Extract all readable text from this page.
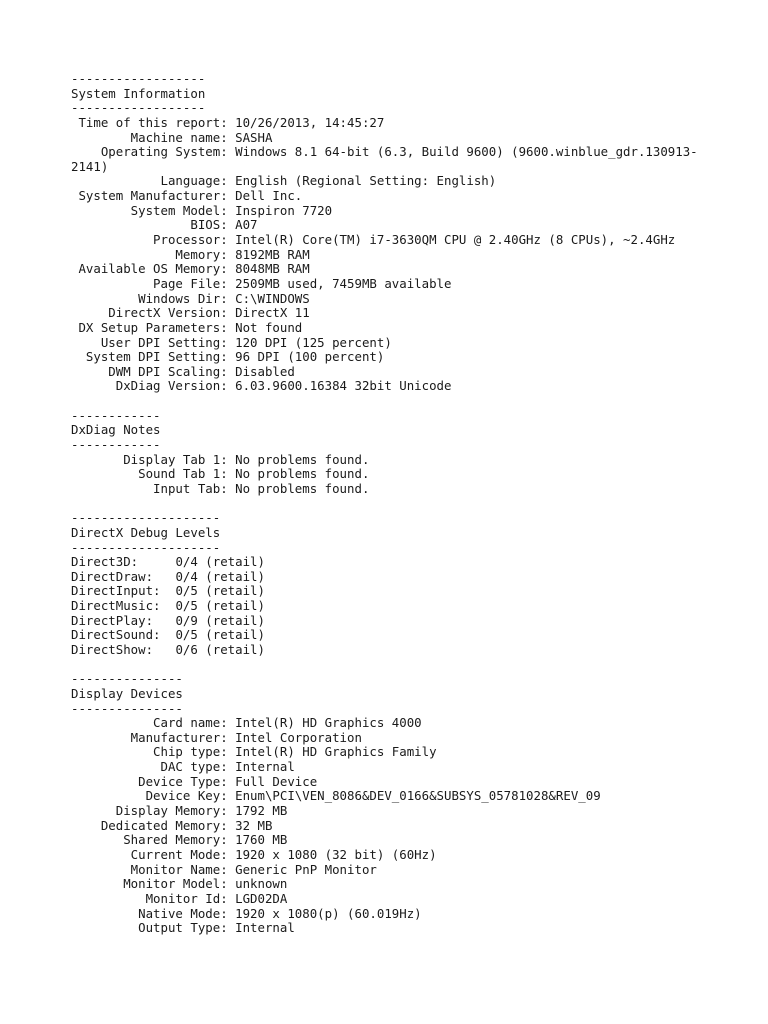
------------------
System Information
------------------
Time of this report: 10/26/2013, 14:45:27
Machine name: SASHA
Operating System: Windows 8.1 64-bit (6.3, Build 9600) (9600.winblue_gdr.130913-
2141)
Language: English (Regional Setting: English)
System Manufacturer: Dell Inc.
System Model: Inspiron 7720
BIOS: A07
Processor: Intel(R) Core(TM) i7-3630QM CPU @ 2.40GHz (8 CPUs), ~2.4GHz
Memory: 8192MB RAM
Available OS Memory: 8048MB RAM
Page File: 2509MB used, 7459MB available
Windows Dir: C:\WINDOWS
DirectX Version: DirectX 11
DX Setup Parameters: Not found
User DPI Setting: 120 DPI (125 percent)
System DPI Setting: 96 DPI (100 percent)
DWM DPI Scaling: Disabled
DxDiag Version: 6.03.9600.16384 32bit Unicode

------------
DxDiag Notes
------------
Display Tab 1: No problems found.
Sound Tab 1: No problems found.
Input Tab: No problems found.

--------------------
DirectX Debug Levels
--------------------
Direct3D:     0/4 (retail)
DirectDraw:   0/4 (retail)
DirectInput:  0/5 (retail)
DirectMusic:  0/5 (retail)
DirectPlay:   0/9 (retail)
DirectSound:  0/5 (retail)
DirectShow:   0/6 (retail)

---------------
Display Devices
---------------
Card name: Intel(R) HD Graphics 4000
Manufacturer: Intel Corporation
Chip type: Intel(R) HD Graphics Family
DAC type: Internal
Device Type: Full Device
Device Key: Enum\PCI\VEN_8086&DEV_0166&SUBSYS_05781028&REV_09
Display Memory: 1792 MB
Dedicated Memory: 32 MB
Shared Memory: 1760 MB
Current Mode: 1920 x 1080 (32 bit) (60Hz)
Monitor Name: Generic PnP Monitor
Monitor Model: unknown
Monitor Id: LGD02DA
Native Mode: 1920 x 1080(p) (60.019Hz)
Output Type: Internal
